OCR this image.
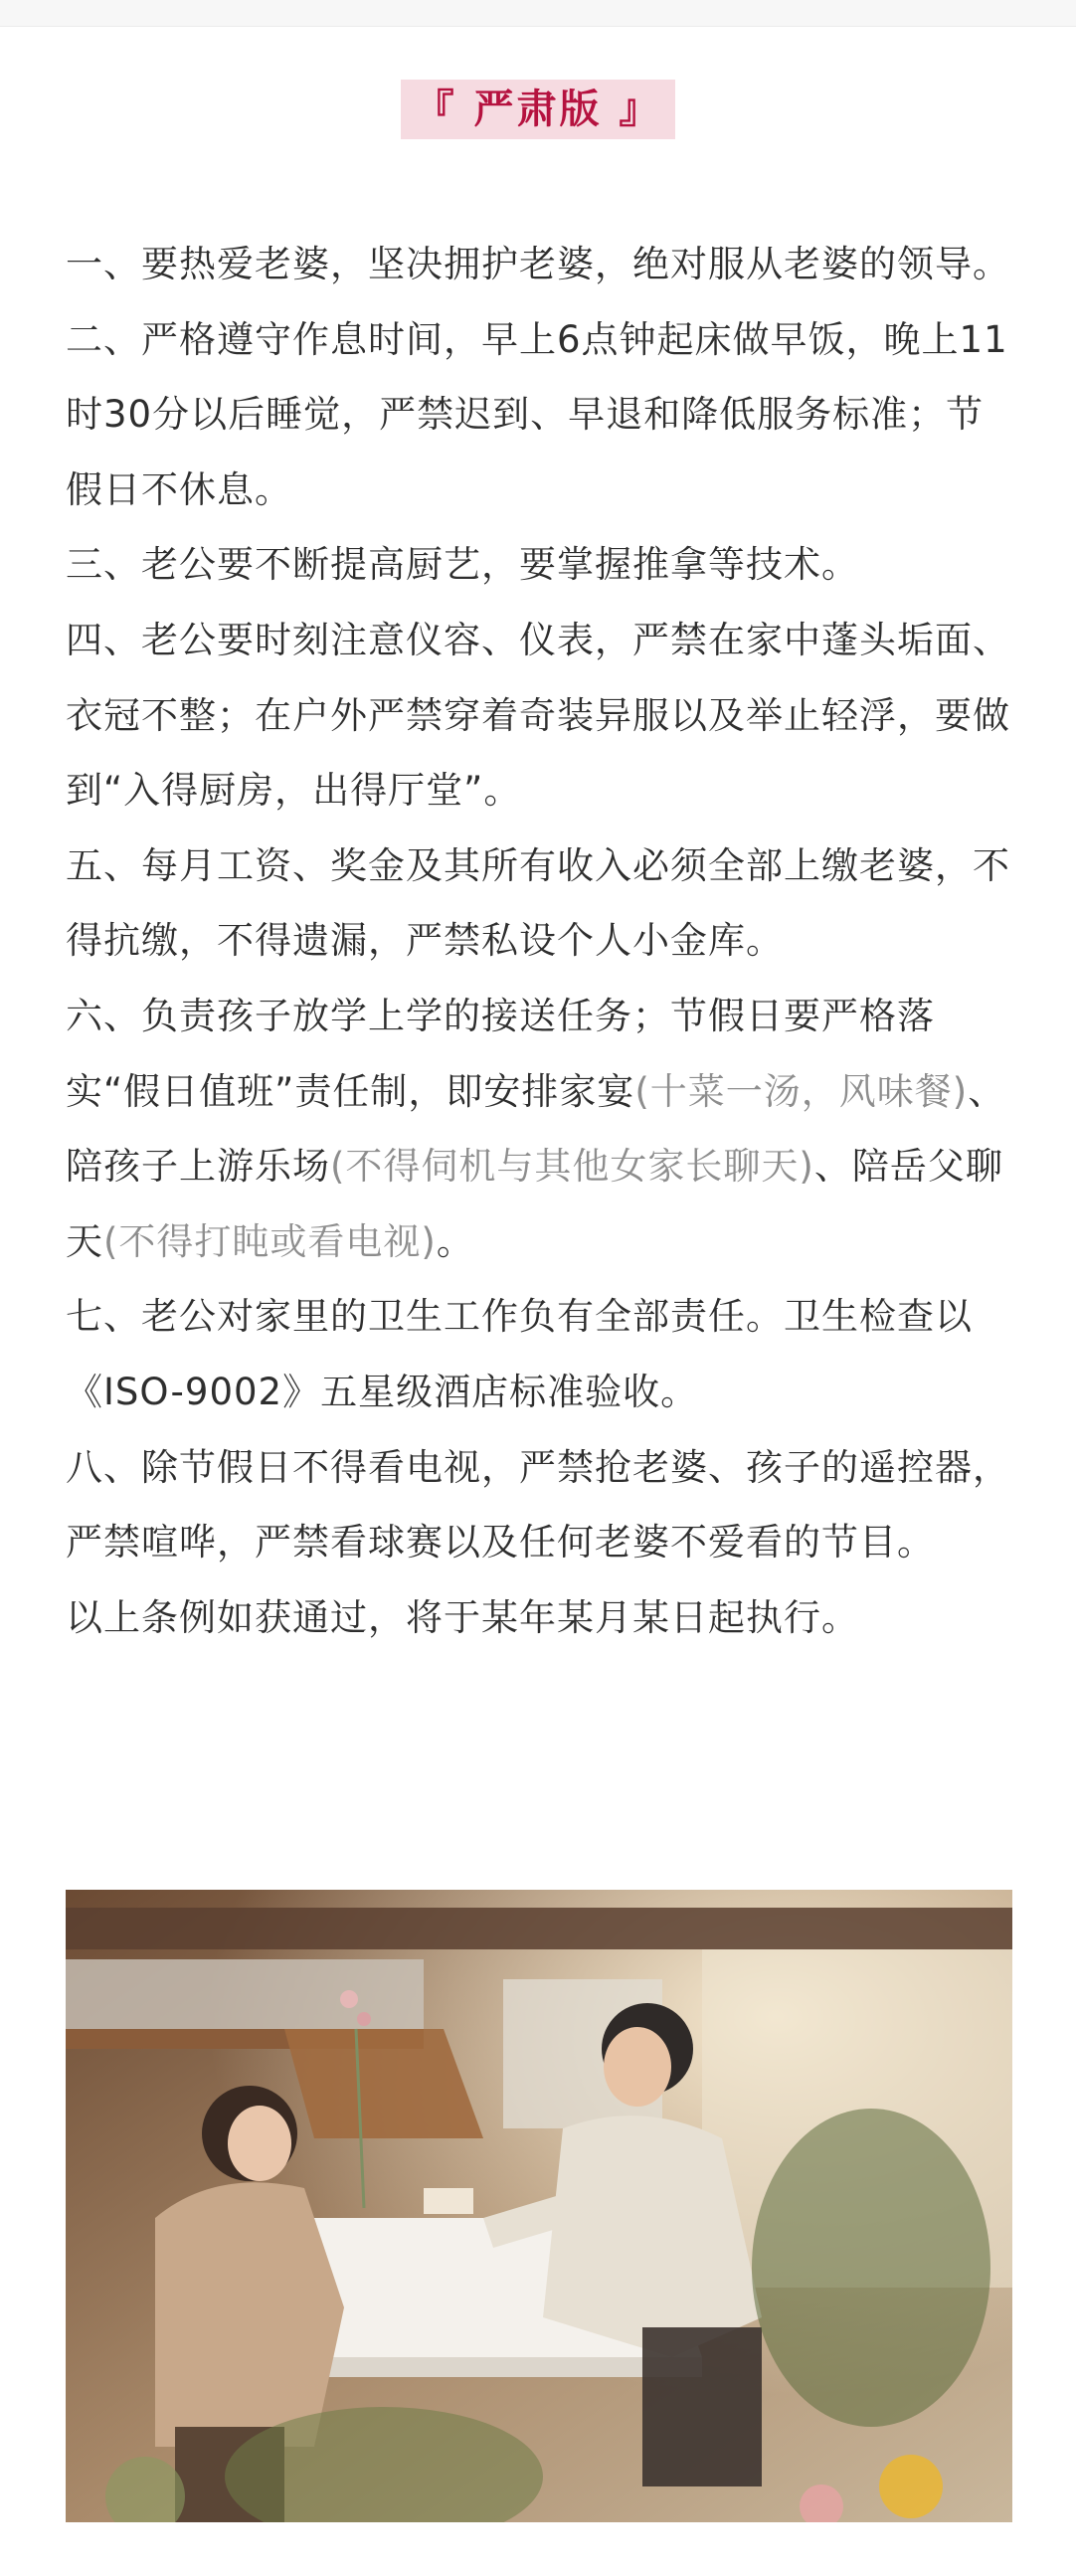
『 严肃版 』

一、要热爱老婆，坚决拥护老婆，绝对服从老婆的领导。

二、严格遵守作息时间，早上6点钟起床做早饭，晚上11时30分以后睡觉，严禁迟到、早退和降低服务标准；节假日不休息。

三、老公要不断提高厨艺，要掌握推拿等技术。

四、老公要时刻注意仪容、仪表，严禁在家中蓬头垢面、衣冠不整；在户外严禁穿着奇装异服以及举止轻浮，要做到“入得厨房，出得厅堂”。

五、每月工资、奖金及其所有收入必须全部上缴老婆，不得抗缴，不得遗漏，严禁私设个人小金库。

六、负责孩子放学上学的接送任务；节假日要严格落实“假日值班”责任制，即安排家宴(十菜一汤，风味餐)、陪孩子上游乐场(不得伺机与其他女家长聊天)、陪岳父聊天(不得打盹或看电视)。

七、老公对家里的卫生工作负有全部责任。卫生检查以《ISO-9002》五星级酒店标准验收。

八、除节假日不得看电视，严禁抢老婆、孩子的遥控器，严禁喧哗，严禁看球赛以及任何老婆不爱看的节目。

以上条例如获通过，将于某年某月某日起执行。
